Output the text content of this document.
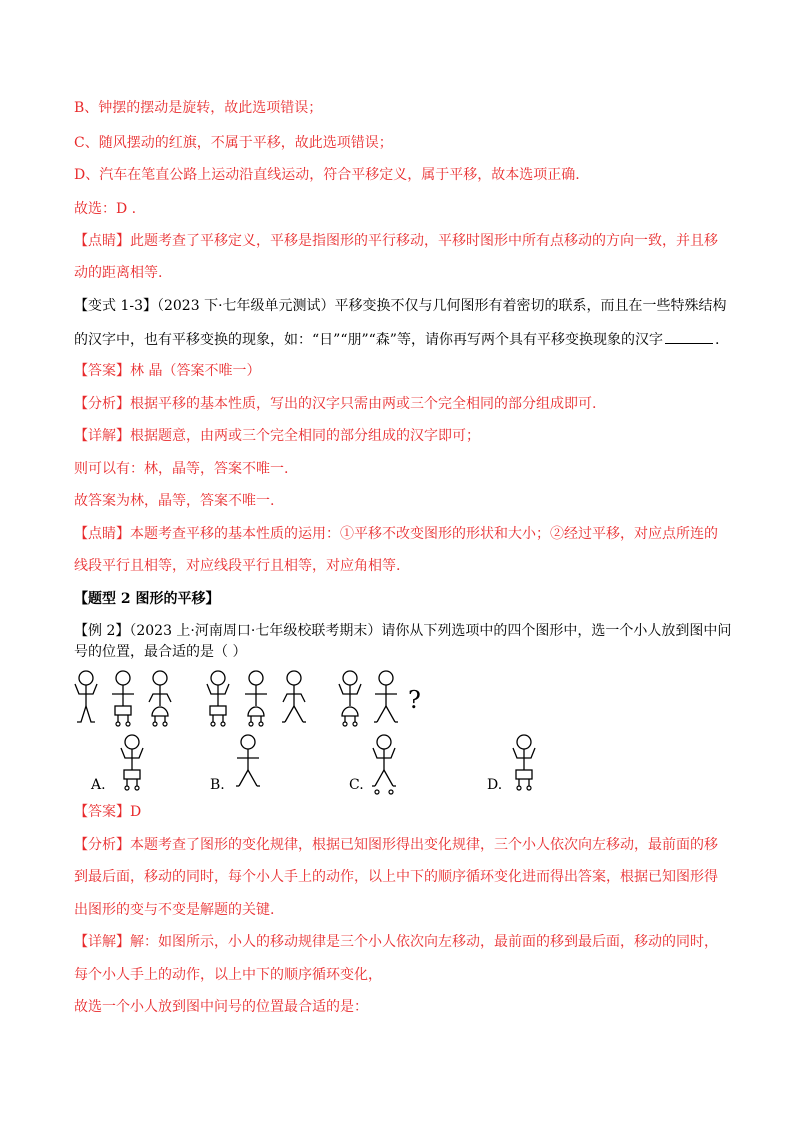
B、钟摆的摆动是旋转，故此选项错误；
C、随风摆动的红旗，不属于平移，故此选项错误；
D、汽车在笔直公路上运动沿直线运动，符合平移定义，属于平移，故本选项正确.
故选：D .
【点睛】此题考查了平移定义，平移是指图形的平行移动，平移时图形中所有点移动的方向一致，并且移
动的距离相等.
【变式 1-3】（2023 下·七年级单元测试）平移变换不仅与几何图形有着密切的联系，而且在一些特殊结构
的汉字中，也有平移变换的现象，如：“日”“朋”“森”等，请你再写两个具有平移变换现象的汉字	.
【答案】林 晶（答案不唯一）
【分析】根据平移的基本性质，写出的汉字只需由两或三个完全相同的部分组成即可.
【详解】根据题意，由两或三个完全相同的部分组成的汉字即可；
则可以有：林，晶等，答案不唯一.
故答案为林，晶等，答案不唯一.
【点睛】本题考查平移的基本性质的运用：①平移不改变图形的形状和大小；②经过平移，对应点所连的
线段平行且相等，对应线段平行且相等，对应角相等.
【题型 2 图形的平移】
【例 2】（2023 上·河南周口·七年级校联考期末）请你从下列选项中的四个图形中，选一个小人放到图中问
号的位置，最合适的是（ ）
?
A.	B.	C.	D.
【答案】D
【分析】本题考查了图形的变化规律，根据已知图形得出变化规律，三个小人依次向左移动，最前面的移
到最后面，移动的同时，每个小人手上的动作，以上中下的顺序循环变化进而得出答案，根据已知图形得
出图形的变与不变是解题的关键.
【详解】解：如图所示，小人的移动规律是三个小人依次向左移动，最前面的移到最后面，移动的同时，
每个小人手上的动作，以上中下的顺序循环变化，
故选一个小人放到图中问号的位置最合适的是：
